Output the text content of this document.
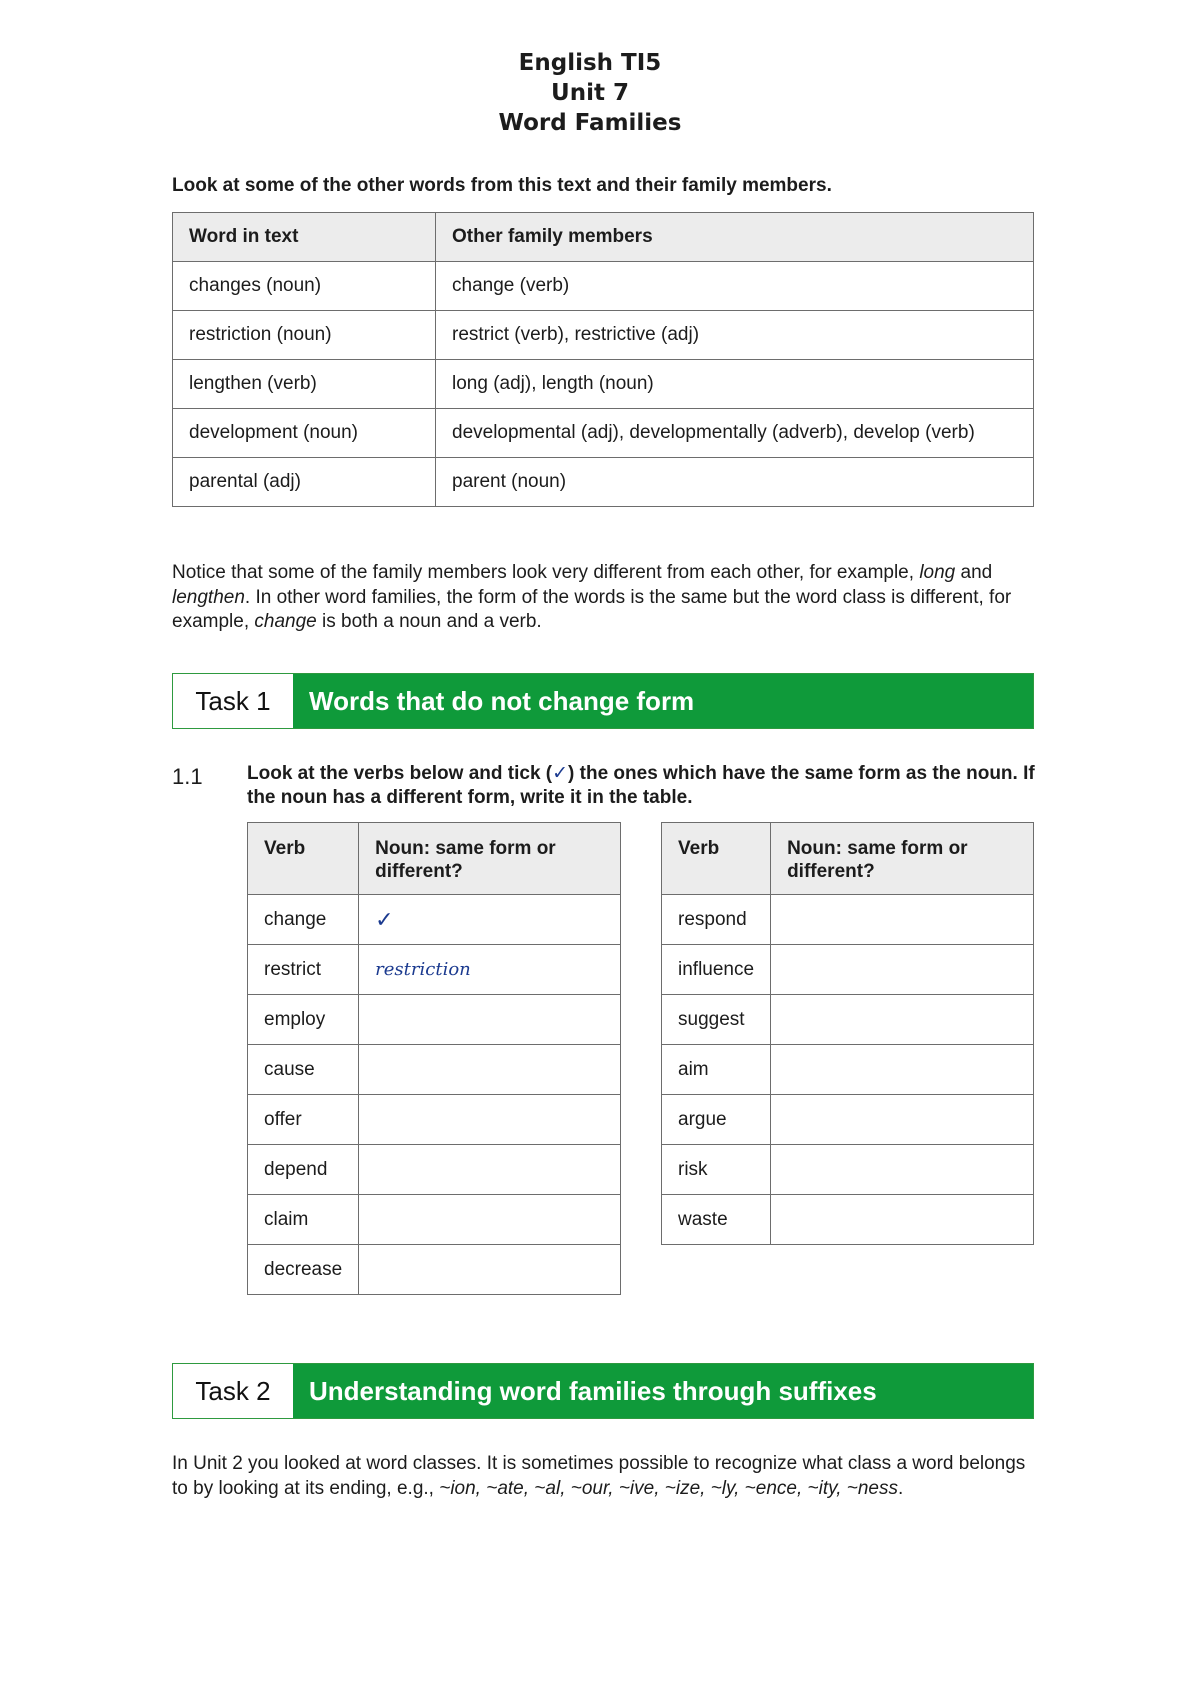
English TI5
Unit 7
Word Families
Look at some of the other words from this text and their family members.
Word in text	Other family members
changes (noun)	change (verb)
restriction (noun)	restrict (verb), restrictive (adj)
lengthen (verb)	long (adj), length (noun)
development (noun)	developmental (adj), developmentally (adverb), develop (verb)
parental (adj)	parent (noun)

Notice that some of the family members look very different from each other, for example, long and lengthen. In other word families, the form of the words is the same but the word class is different, for example, change is both a noun and a verb.

Task 1	Words that do not change form
1.1 Look at the verbs below and tick (✓) the ones which have the same form as the noun. If the noun has a different form, write it in the table.
Verb	Noun: same form or different?
change	✓
restrict	restriction
employ	
cause	
offer	
depend	
claim	
decrease	
Verb	Noun: same form or different?
respond	
influence	
suggest	
aim	
argue	
risk	
waste	
Task 2	Understanding word families through suffixes

In Unit 2 you looked at word classes. It is sometimes possible to recognize what class a word belongs to by looking at its ending, e.g., ~ion, ~ate, ~al, ~our, ~ive, ~ize, ~ly, ~ence, ~ity, ~ness.
